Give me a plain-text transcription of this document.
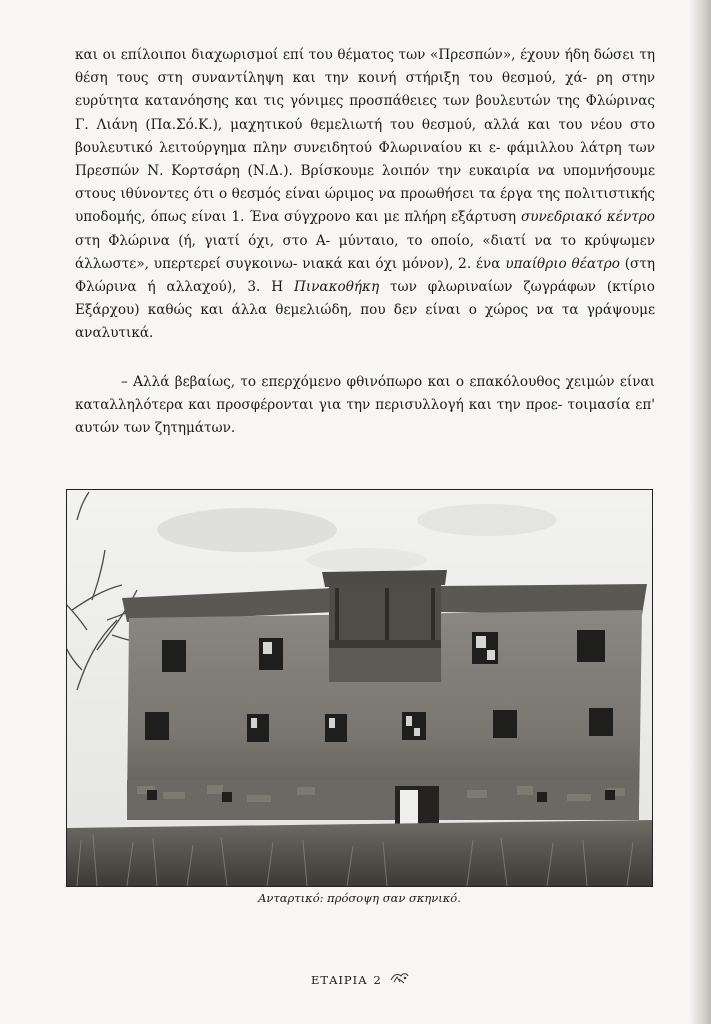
και οι επίλοιποι διαχωρισμοί επί του θέματος των «Πρεσπών», έχουν ήδη δώσει τη θέση τους στη συναντίληψη και την κοινή στήριξη του θεσμού, χά- ρη στην ευρύτητα κατανόησης και τις γόνιμες προσπάθειες των βουλευτών της Φλώρινας Γ. Λιάνη (Πα.Σό.Κ.), μαχητικού θεμελιωτή του θεσμού, αλλά και του νέου στο βουλευτικό λειτούργημα πλην συνειδητού Φλωριναίου κι ε- φάμιλλου λάτρη των Πρεσπών Ν. Κορτσάρη (Ν.Δ.). Βρίσκουμε λοιπόν την ευκαιρία να υπομνήσουμε στους ιθύνοντες ότι ο θεσμός είναι ώριμος να προωθήσει τα έργα της πολιτιστικής υποδομής, όπως είναι 1. Ένα σύγχρονο και με πλήρη εξάρτυση συνεδριακό κέντρο στη Φλώρινα (ή, γιατί όχι, στο Α- μύνταιο, το οποίο, «διατί να το κρύψωμεν άλλωστε», υπερτερεί συγκοινω- νιακά και όχι μόνον), 2. ένα υπαίθριο θέατρο (στη Φλώρινα ή αλλαχού), 3. Η Πινακοθήκη των φλωριναίων ζωγράφων (κτίριο Εξάρχου) καθώς και άλλα θεμελιώδη, που δεν είναι ο χώρος να τα γράψουμε αναλυτικά.

– Αλλά βεβαίως, το επερχόμενο φθινόπωρο και ο επακόλουθος χειμών είναι καταλληλότερα και προσφέρονται για την περισυλλογή και την προε- τοιμασία επ' αυτών των ζητημάτων.

Ανταρτικό: πρόσοψη σαν σκηνικό.
ΕΤΑΙΡΙΑ 2
